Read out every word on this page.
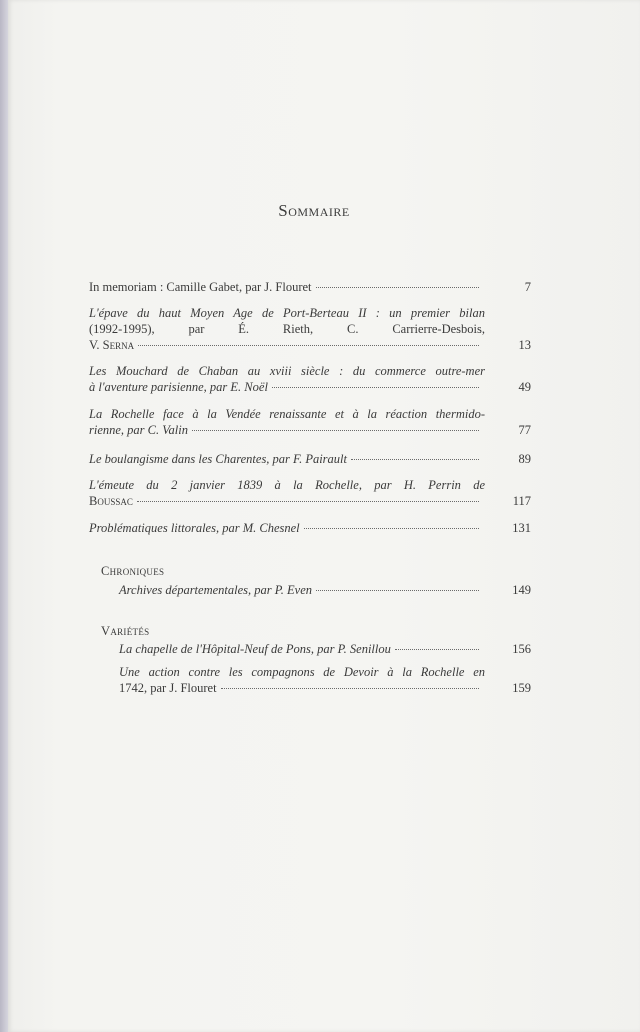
Sommaire
In memoriam : Camille Gabet, par J. Flouret	7
L'épave du haut Moyen Age de Port-Berteau II : un premier bilan
(1992-1995), par É. Rieth, C. Carrierre-Desbois,
V. Serna	13
Les Mouchard de Chaban au xviii siècle : du commerce outre-mer
à l'aventure parisienne, par E. Noël	49
La Rochelle face à la Vendée renaissante et à la réaction thermido-
rienne, par C. Valin	77
Le boulangisme dans les Charentes, par F. Pairault	89
L'émeute du 2 janvier 1839 à la Rochelle, par H. Perrin de
Boussac	117
Problématiques littorales, par M. Chesnel	131
Chroniques
Archives départementales, par P. Even	149
Variétés
La chapelle de l'Hôpital-Neuf de Pons, par P. Senillou	156
Une action contre les compagnons de Devoir à la Rochelle en
1742, par J. Flouret	159
